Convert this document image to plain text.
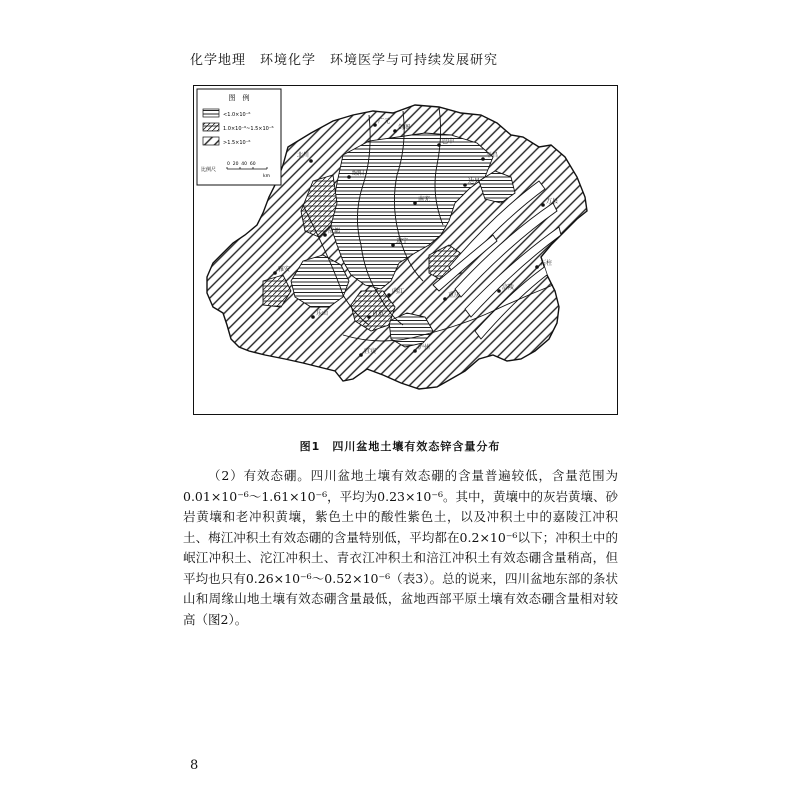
化学地理　环境化学　环境医学与可持续发展研究
广元
巴中
达县
万县
南充
绵阳
成都
雅安
乐山
内江
重庆
宜宾
泸州
自贡
遂宁
涪陵
北川
剑阁
平昌
石柱
图　例
<1.0×10⁻⁶
1.0×10⁻⁶~1.5×10⁻⁶
>1.5×10⁻⁶
比例尺
0  20  40  60
km
图1　四川盆地土壤有效态锌含量分布

（2）有效态硼。四川盆地土壤有效态硼的含量普遍较低，含量范围为0.01×10⁻⁶～1.61×10⁻⁶，平均为0.23×10⁻⁶。其中，黄壤中的灰岩黄壤、砂岩黄壤和老冲积黄壤，紫色土中的酸性紫色土，以及冲积土中的嘉陵江冲积土、梅江冲积土有效态硼的含量特别低，平均都在0.2×10⁻⁶以下；冲积土中的岷江冲积土、沱江冲积土、青衣江冲积土和涪江冲积土有效态硼含量稍高，但平均也只有0.26×10⁻⁶～0.52×10⁻⁶（表3）。总的说来，四川盆地东部的条状山和周缘山地土壤有效态硼含量最低，盆地西部平原土壤有效态硼含量相对较高（图2）。

8
